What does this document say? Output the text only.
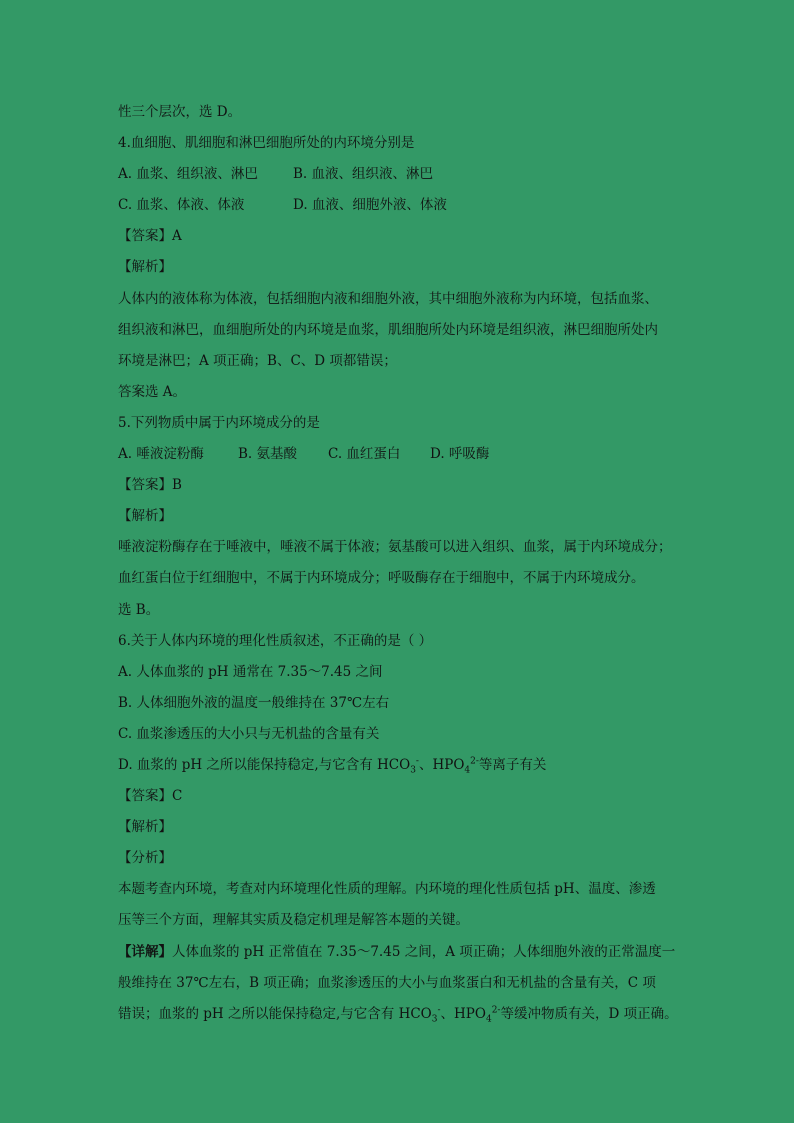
性三个层次，选 D。

4.血细胞、肌细胞和淋巴细胞所处的内环境分别是

A. 血浆、组织液、淋巴	B. 血液、组织液、淋巴

C. 血浆、体液、体液	D. 血液、细胞外液、体液

【答案】A

【解析】

人体内的液体称为体液，包括细胞内液和细胞外液，其中细胞外液称为内环境，包括血浆、

组织液和淋巴，血细胞所处的内环境是血浆，肌细胞所处内环境是组织液，淋巴细胞所处内

环境是淋巴；A 项正确；B、C、D 项都错误；

答案选 A。

5.下列物质中属于内环境成分的是

A. 唾液淀粉酶	B. 氨基酸 C. 血红蛋白 D. 呼吸酶

【答案】B

【解析】

唾液淀粉酶存在于唾液中，唾液不属于体液；氨基酸可以进入组织、血浆，属于内环境成分；

血红蛋白位于红细胞中，不属于内环境成分；呼吸酶存在于细胞中，不属于内环境成分。

选 B。

6.关于人体内环境的理化性质叙述，不正确的是（ ）

A. 人体血浆的 pH 通常在 7.35～7.45 之间

B. 人体细胞外液的温度一般维持在 37℃左右

C. 血浆渗透压的大小只与无机盐的含量有关

D. 血浆的 pH 之所以能保持稳定,与它含有 $HCO_3^-$、$HPO_4^{2-}$等离子有关

【答案】C

【解析】

【分析】

本题考查内环境，考查对内环境理化性质的理解。内环境的理化性质包括 pH、温度、渗透

压等三个方面，理解其实质及稳定机理是解答本题的关键。

【详解】人体血浆的 pH 正常值在 7.35～7.45 之间，A 项正确；人体细胞外液的正常温度一

般维持在 37℃左右，B 项正确；血浆渗透压的大小与血浆蛋白和无机盐的含量有关，C 项

错误；血浆的 pH 之所以能保持稳定,与它含有 $HCO_3^-$、$HPO_4^{2-}$等缓冲物质有关，D 项正确。
